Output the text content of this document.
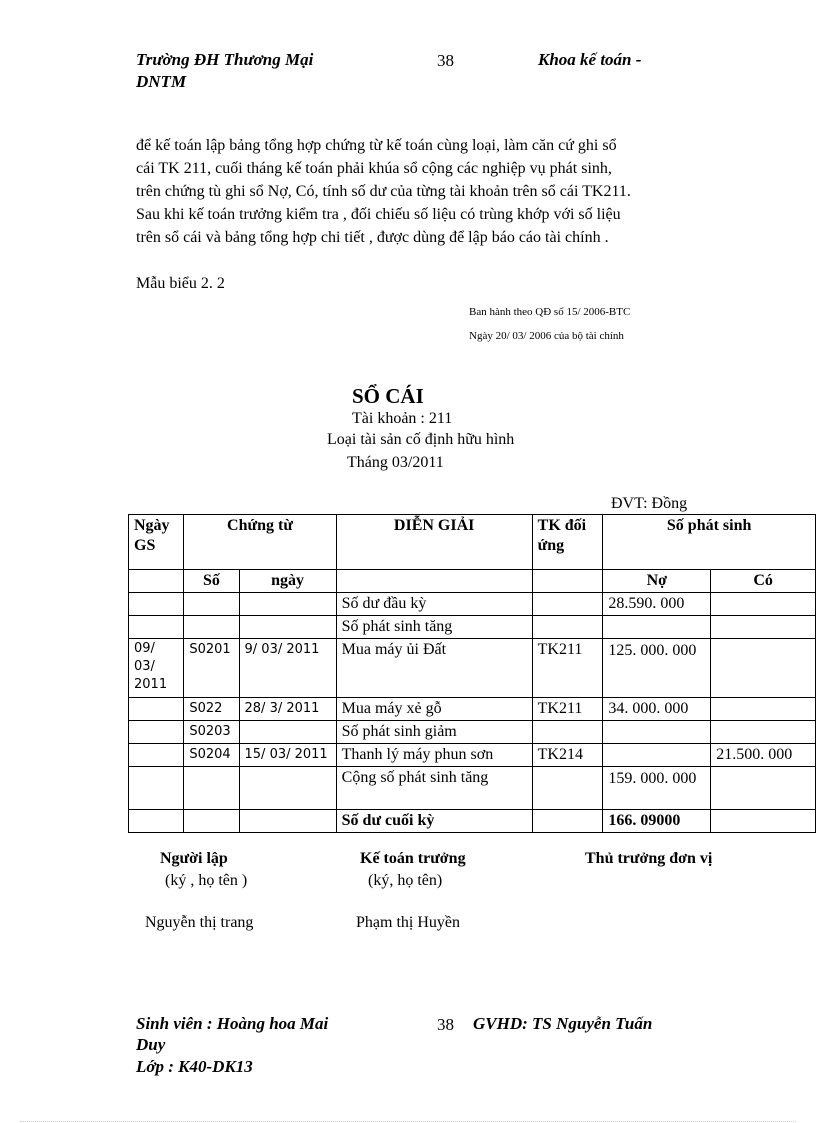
Trường ĐH Thương Mại
DNTM
38	Khoa kế toán -
để kế toán lập bảng tổng hợp chứng từ kế toán cùng loại, làm căn cứ ghi sổ
cái TK 211, cuối tháng kế toán phải khúa sổ cộng các nghiệp vụ phát sinh,
trên chứng tù ghi sổ Nợ, Có, tính số dư của từng tài khoản trên sổ cái TK211.
Sau khi kế toán trưởng kiểm tra , đối chiếu số liệu có trùng khớp với số liệu
trên sổ cái và bảng tổng hợp chi tiết , được dùng để lập báo cáo tài chính .
Mẫu biểu 2. 2
Ban hành theo QĐ số 15/ 2006-BTC
Ngày 20/ 03/ 2006 của bộ tài chính
SỔ CÁI
Tài khoản : 211
Loại tài sản cố định hữu hình
Tháng 03/2011
ĐVT: Đồng
Ngày GS	Chứng từ		DIỄN GIẢI	TK đối ứng	Số phát sinh	
	Số	ngày			Nợ	Có
			Số dư đầu kỳ		28.590. 000	
			Số phát sinh tăng			
09/ 03/ 2011	S0201	9/ 03/ 2011	Mua máy ủi Đất	TK211	125. 000. 000	
	S022	28/ 3/ 2011	Mua máy xẻ gỗ	TK211	34. 000. 000	
	S0203		Số phát sinh giảm			
	S0204	15/ 03/ 2011	Thanh lý máy phun sơn	TK214		21.500. 000
			Cộng số phát sinh tăng		159. 000. 000	
			Số dư cuối kỳ		166. 09000	
Người lập
(ký , họ tên )
Nguyễn thị trang
Kế toán trưởng
(ký, họ tên)
Phạm thị Huyền
Thủ trưởng đơn vị
Sinh viên : Hoàng hoa Mai
Duy
Lớp : K40-DK13
38 GVHD: TS Nguyễn Tuấn
